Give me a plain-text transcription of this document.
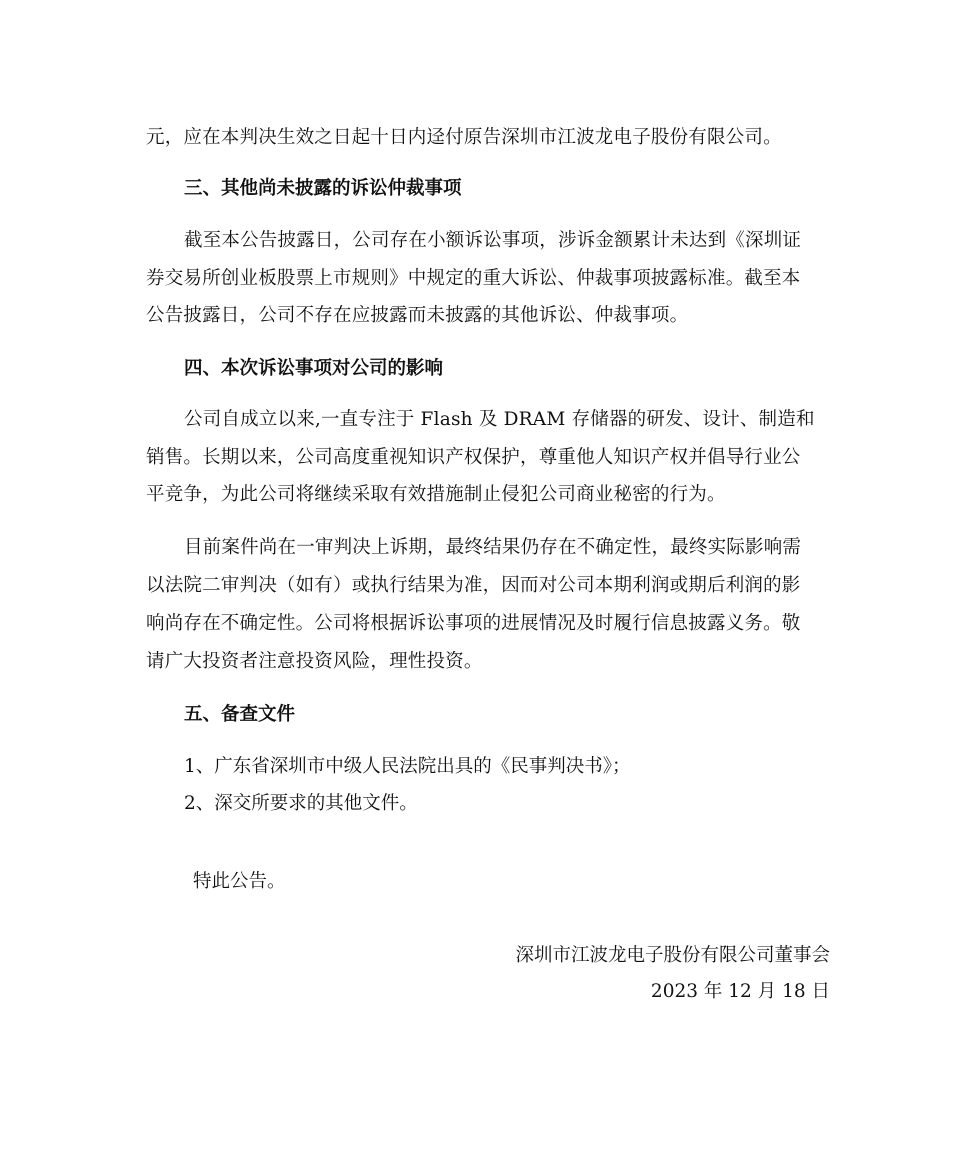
元，应在本判决生效之日起十日内迳付原告深圳市江波龙电子股份有限公司。
三、其他尚未披露的诉讼仲裁事项
截至本公告披露日，公司存在小额诉讼事项，涉诉金额累计未达到《深圳证
券交易所创业板股票上市规则》中规定的重大诉讼、仲裁事项披露标准。截至本
公告披露日，公司不存在应披露而未披露的其他诉讼、仲裁事项。
四、本次诉讼事项对公司的影响
公司自成立以来,一直专注于 Flash 及 DRAM 存储器的研发、设计、制造和
销售。长期以来，公司高度重视知识产权保护，尊重他人知识产权并倡导行业公
平竞争，为此公司将继续采取有效措施制止侵犯公司商业秘密的行为。
目前案件尚在一审判决上诉期，最终结果仍存在不确定性，最终实际影响需
以法院二审判决（如有）或执行结果为准，因而对公司本期利润或期后利润的影
响尚存在不确定性。公司将根据诉讼事项的进展情况及时履行信息披露义务。敬
请广大投资者注意投资风险，理性投资。
五、备查文件
1、广东省深圳市中级人民法院出具的《民事判决书》；
2、深交所要求的其他文件。
特此公告。
深圳市江波龙电子股份有限公司董事会
2023 年 12 月 18 日
